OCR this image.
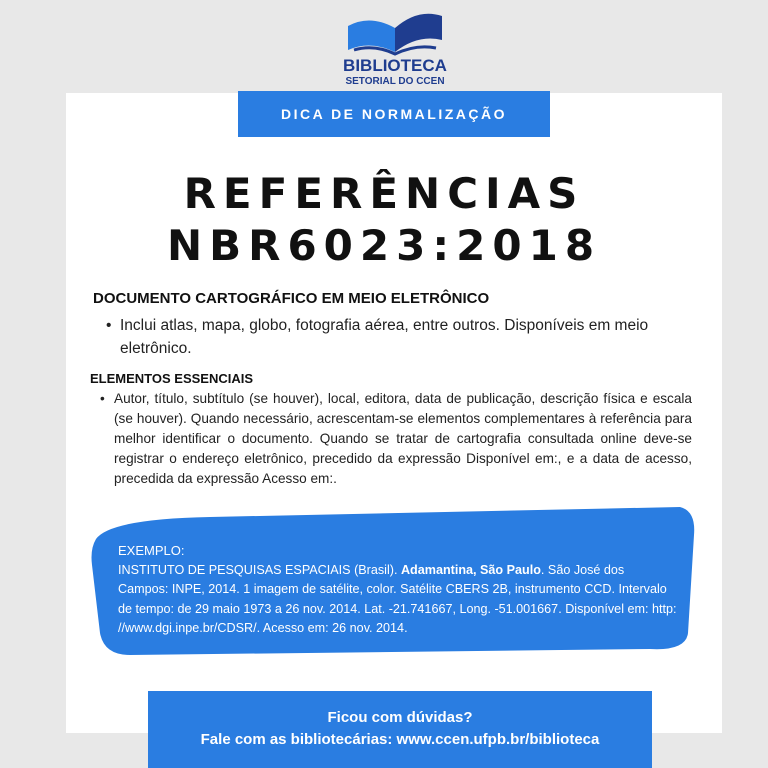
BIBLIOTECA
SETORIAL DO CCEN
DICA DE NORMALIZAÇÃO
REFERÊNCIAS
NBR6023:2018
DOCUMENTO CARTOGRÁFICO EM MEIO ELETRÔNICO
• Inclui atlas, mapa, globo, fotografia aérea, entre outros. Disponíveis em meio eletrônico.
ELEMENTOS ESSENCIAIS
• Autor, título, subtítulo (se houver), local, editora, data de publicação, descrição física e escala (se houver). Quando necessário, acrescentam-se elementos complementares à referência para melhor identificar o documento. Quando se tratar de cartografia consultada online deve-se registrar o endereço eletrônico, precedido da expressão Disponível em:, e a data de acesso, precedida da expressão Acesso em:.
EXEMPLO:
INSTITUTO DE PESQUISAS ESPACIAIS (Brasil). Adamantina, São Paulo. São José dos Campos: INPE, 2014. 1 imagem de satélite, color. Satélite CBERS 2B, instrumento CCD. Intervalo de tempo: de 29 maio 1973 a 26 nov. 2014. Lat. -21.741667, Long. -51.001667. Disponível em: http: //www.dgi.inpe.br/CDSR/. Acesso em: 26 nov. 2014.
Ficou com dúvidas?
Fale com as bibliotecárias: www.ccen.ufpb.br/biblioteca
